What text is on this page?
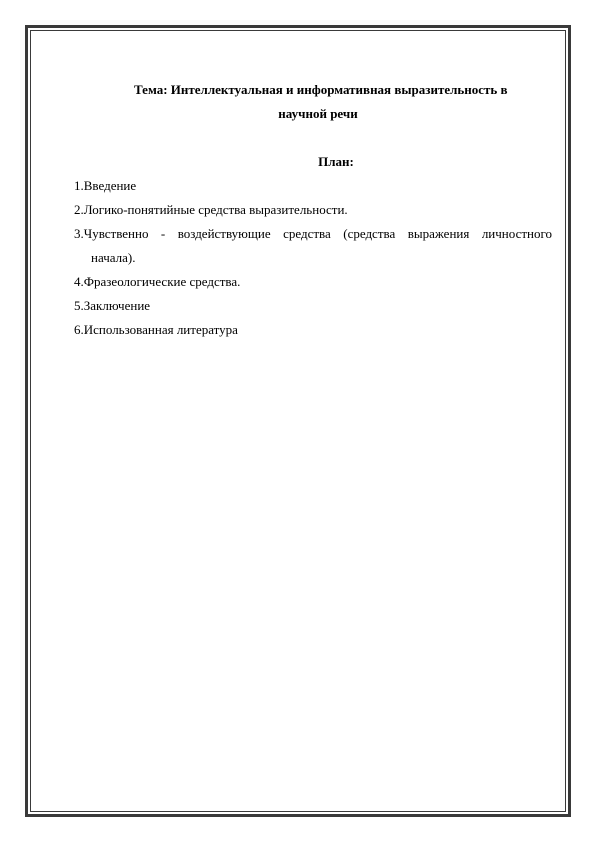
Тема: Интеллектуальная и информативная выразительность в
научной речи
План:
1.Введение
2.Логико-понятийные средства выразительности.
3.Чувственно - воздействующие средства (средства выражения личностного
начала).
4.Фразеологические средства.
5.Заключение
6.Использованная литература
